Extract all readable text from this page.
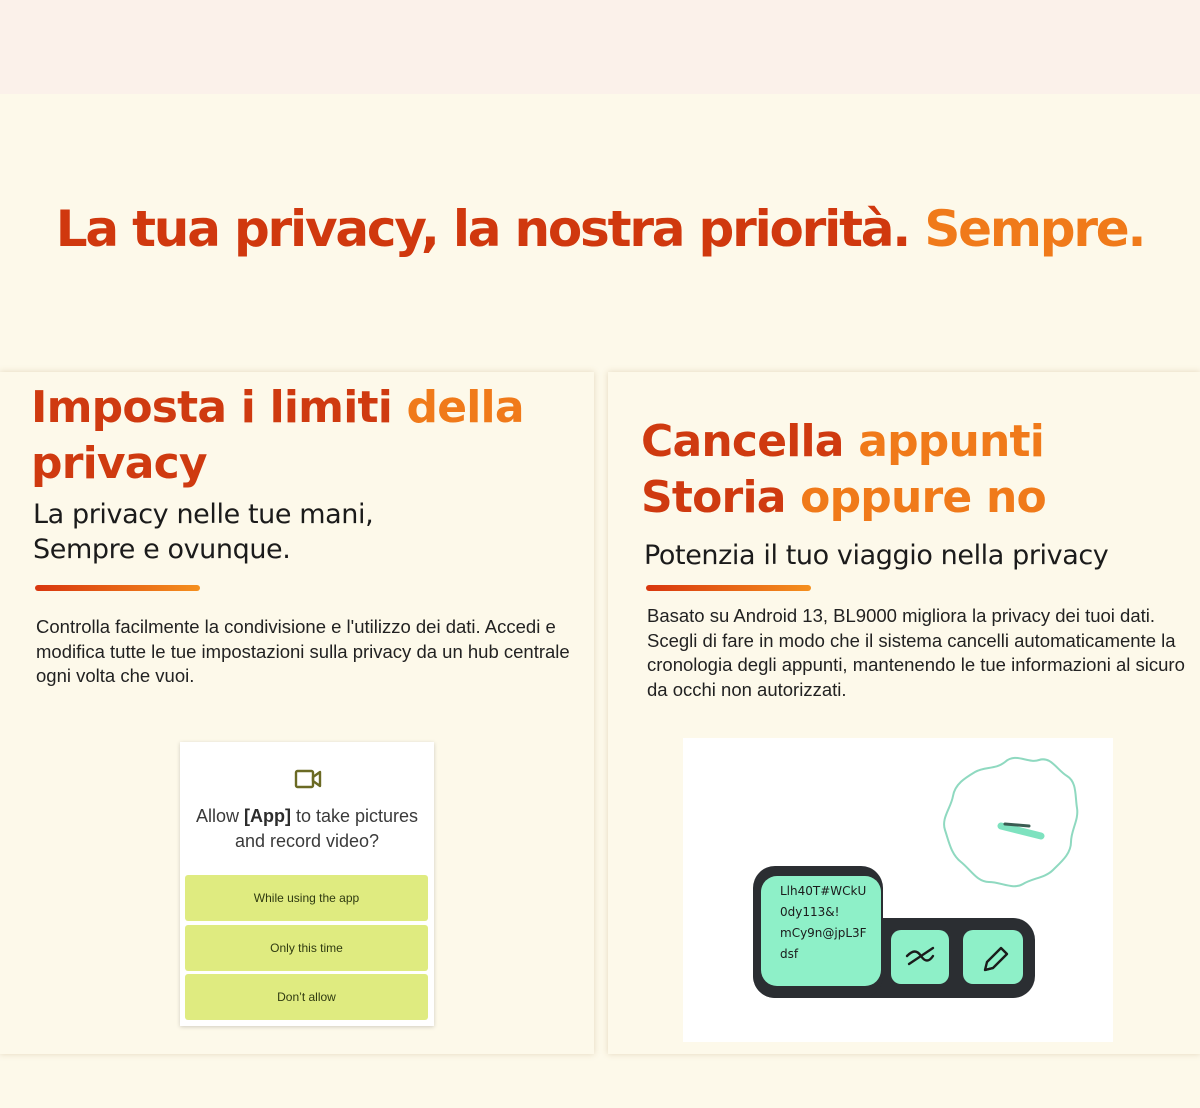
La tua privacy, la nostra priorità. Sempre.
Imposta i limiti della
privacy
La privacy nelle tue mani,
Sempre e ovunque.

Controlla facilmente la condivisione e l'utilizzo dei dati. Accedi e modifica tutte le tue impostazioni sulla privacy da un hub centrale ogni volta che vuoi.

Allow [App] to take pictures and record video?

While using the app
Only this time
Don’t allow
Cancella appunti
Storia oppure no
Potenzia il tuo viaggio nella privacy

Basato su Android 13, BL9000 migliora la privacy dei tuoi dati. Scegli di fare in modo che il sistema cancelli automaticamente la cronologia degli appunti, mantenendo le tue informazioni al sicuro da occhi non autorizzati.

Llh40T#WCkU
0dy113&!
mCy9n@jpL3F
dsf
